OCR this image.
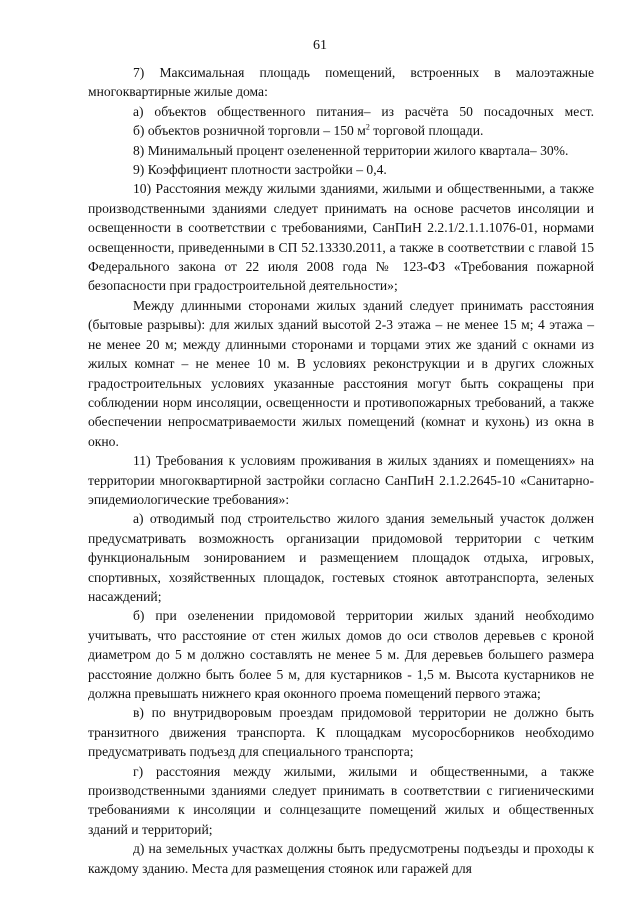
61

7) Максимальная площадь помещений, встроенных в малоэтажные многоквартирные жилые дома:

а) объектов общественного питания– из расчёта 50 посадочных мест.

б) объектов розничной торговли – 150 $м^2$ торговой площади.

8) Минимальный процент озелененной территории жилого квартала– 30%.

9) Коэффициент плотности застройки – 0,4.

10) Расстояния между жилыми зданиями, жилыми и общественными, а также производственными зданиями следует принимать на основе расчетов инсоляции и освещенности в соответствии с требованиями, СанПиН 2.2.1/2.1.1.1076-01, нормами освещенности, приведенными в СП 52.13330.2011, а также в соответствии с главой 15 Федерального закона от 22 июля 2008 года № 123-ФЗ «Требования пожарной безопасности при градостроительной деятельности»;

Между длинными сторонами жилых зданий следует принимать расстояния (бытовые разрывы): для жилых зданий высотой 2-3 этажа – не менее 15 м; 4 этажа – не менее 20 м; между длинными сторонами и торцами этих же зданий с окнами из жилых комнат – не менее 10 м. В условиях реконструкции и в других сложных градостроительных условиях указанные расстояния могут быть сокращены при соблюдении норм инсоляции, освещенности и противопожарных требований, а также обеспечении непросматриваемости жилых помещений (комнат и кухонь) из окна в окно.

11) Требования к условиям проживания в жилых зданиях и помещениях» на территории многоквартирной застройки согласно СанПиН 2.1.2.2645-10 «Санитарно-эпидемиологические требования»:

а) отводимый под строительство жилого здания земельный участок должен предусматривать возможность организации придомовой территории с четким функциональным зонированием и размещением площадок отдыха, игровых, спортивных, хозяйственных площадок, гостевых стоянок автотранспорта, зеленых насаждений;

б) при озеленении придомовой территории жилых зданий необходимо учитывать, что расстояние от стен жилых домов до оси стволов деревьев с кроной диаметром до 5 м должно составлять не менее 5 м. Для деревьев большего размера расстояние должно быть более 5 м, для кустарников - 1,5 м. Высота кустарников не должна превышать нижнего края оконного проема помещений первого этажа;

в) по внутридворовым проездам придомовой территории не должно быть транзитного движения транспорта. К площадкам мусоросборников необходимо предусматривать подъезд для специального транспорта;

г) расстояния между жилыми, жилыми и общественными, а также производственными зданиями следует принимать в соответствии с гигиеническими требованиями к инсоляции и солнцезащите помещений жилых и общественных зданий и территорий;

д) на земельных участках должны быть предусмотрены подъезды и проходы к каждому зданию. Места для размещения стоянок или гаражей для
